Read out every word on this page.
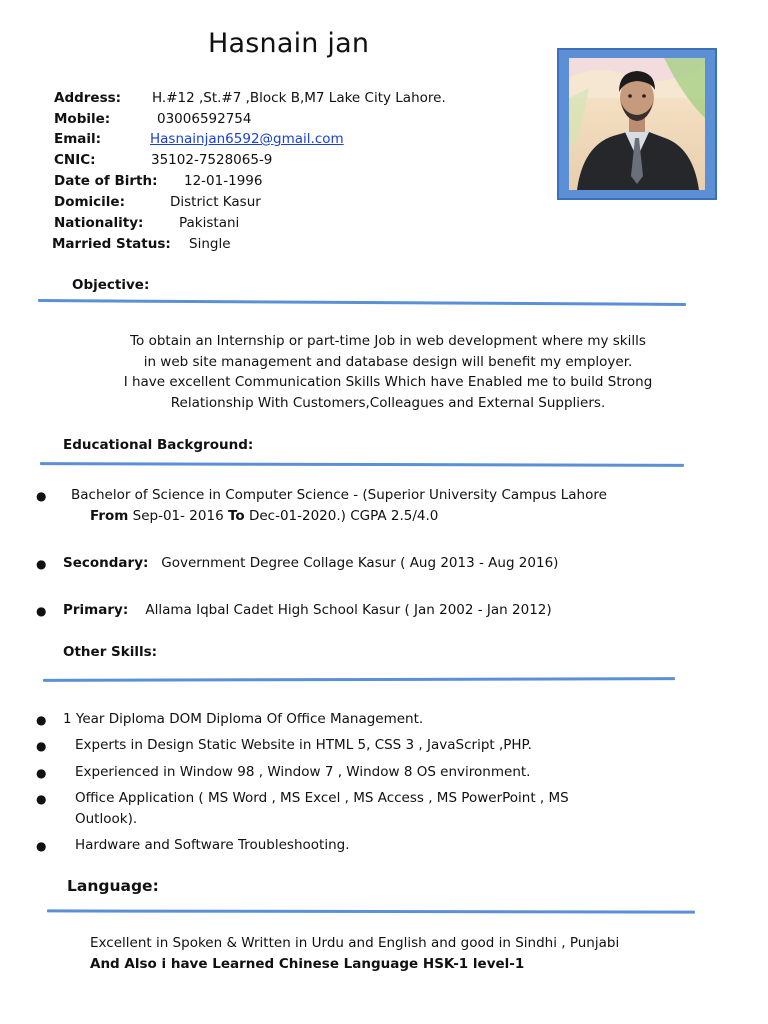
Hasnain jan
Address: H.#12 ,St.#7 ,Block B,M7 Lake City Lahore.
Mobile:	03006592754
Email:	Hasnainjan6592@gmail.com
CNIC:	35102-7528065-9
Date of Birth: 12-01-1996
Domicile:	District Kasur
Nationality:	Pakistani
Married Status: Single
Objective:
To obtain an Internship or part-time Job in web development where my skills
in web site management and database design will benefit my employer.
I have excellent Communication Skills Which have Enabled me to build Strong
Relationship With Customers,Colleagues and External Suppliers.
Educational Background:
● Bachelor of Science in Computer Science - (Superior University Campus Lahore
From Sep-01- 2016 To Dec-01-2020.) CGPA 2.5/4.0
● Secondary: Government Degree Collage Kasur ( Aug 2013 - Aug 2016)
● Primary: Allama Iqbal Cadet High School Kasur ( Jan 2002 - Jan 2012)
Other Skills:
● 1 Year Diploma DOM Diploma Of Office Management.
● Experts in Design Static Website in HTML 5, CSS 3 , JavaScript ,PHP.
● Experienced in Window 98 , Window 7 , Window 8 OS environment.
● Office Application ( MS Word , MS Excel , MS Access , MS PowerPoint , MS
Outlook).
● Hardware and Software Troubleshooting.
Language:
Excellent in Spoken & Written in Urdu and English and good in Sindhi , Punjabi
And Also i have Learned Chinese Language HSK-1 level-1
